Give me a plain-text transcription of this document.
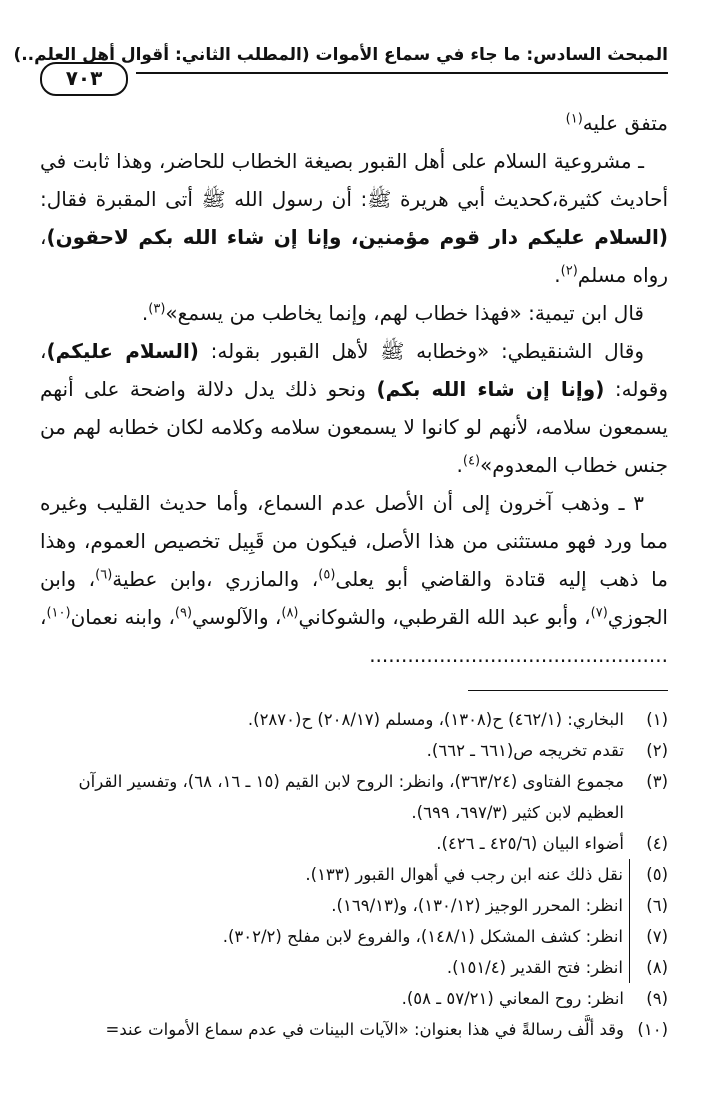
المبحث السادس: ما جاء في سماع الأموات (المطلب الثاني: أقوال أهل العلم..)
٧٠٣

متفق عليه$^{(١)}$

ـ مشروعية السلام على أهل القبور بصيغة الخطاب للحاضر، وهذا ثابت في أحاديث كثيرة،كحديث أبي هريرة ﷺ: أن رسول الله ﷺ أتى المقبرة فقال: (السلام عليكم دار قوم مؤمنين، وإنا إن شاء الله بكم لاحقون)، رواه مسلم$^{(٢)}$.

قال ابن تيمية: «فهذا خطاب لهم، وإنما يخاطب من يسمع»$^{(٣)}$.

وقال الشنقيطي: «وخطابه ﷺ لأهل القبور بقوله: (السلام عليكم)، وقوله: (وإنا إن شاء الله بكم) ونحو ذلك يدل دلالة واضحة على أنهم يسمعون سلامه، لأنهم لو كانوا لا يسمعون سلامه وكلامه لكان خطابه لهم من جنس خطاب المعدوم»$^{(٤)}$.

٣ ـ وذهب آخرون إلى أن الأصل عدم السماع، وأما حديث القليب وغيره مما ورد فهو مستثنى من هذا الأصل، فيكون من قَبِيل تخصيص العموم، وهذا ما ذهب إليه قتادة والقاضي أبو يعلى$^{(٥)}$، والمازري ،وابن عطية$^{(٦)}$، وابن الجوزي$^{(٧)}$، وأبو عبد الله القرطبي، والشوكاني$^{(٨)}$، والآلوسي$^{(٩)}$، وابنه نعمان$^{(١٠)}$، ...............................................

(١)
البخاري: (٤٦٢/١) ح(١٣٠٨)، ومسلم (٢٠٨/١٧) ح(٢٨٧٠).
(٢)
تقدم تخريجه ص(٦٦١ ـ ٦٦٢).
(٣)
مجموع الفتاوى (٣٦٣/٢٤)، وانظر: الروح لابن القيم (١٥ ـ ١٦، ٦٨)، وتفسير القرآن العظيم لابن كثير (٦٩٧/٣، ٦٩٩).
(٤)
أضواء البيان (٤٢٥/٦ ـ ٤٢٦).
(٥)
نقل ذلك عنه ابن رجب في أهوال القبور (١٣٣).
(٦)
انظر: المحرر الوجيز (١٣٠/١٢)، و(١٦٩/١٣).
(٧)
انظر: كشف المشكل (١٤٨/١)، والفروع لابن مفلح (٣٠٢/٢).
(٨)
انظر: فتح القدير (١٥١/٤).
(٩)
انظر: روح المعاني (٥٧/٢١ ـ ٥٨).
(١٠)
وقد ألَّف رسالةً في هذا بعنوان: «الآيات البينات في عدم سماع الأموات عند=
